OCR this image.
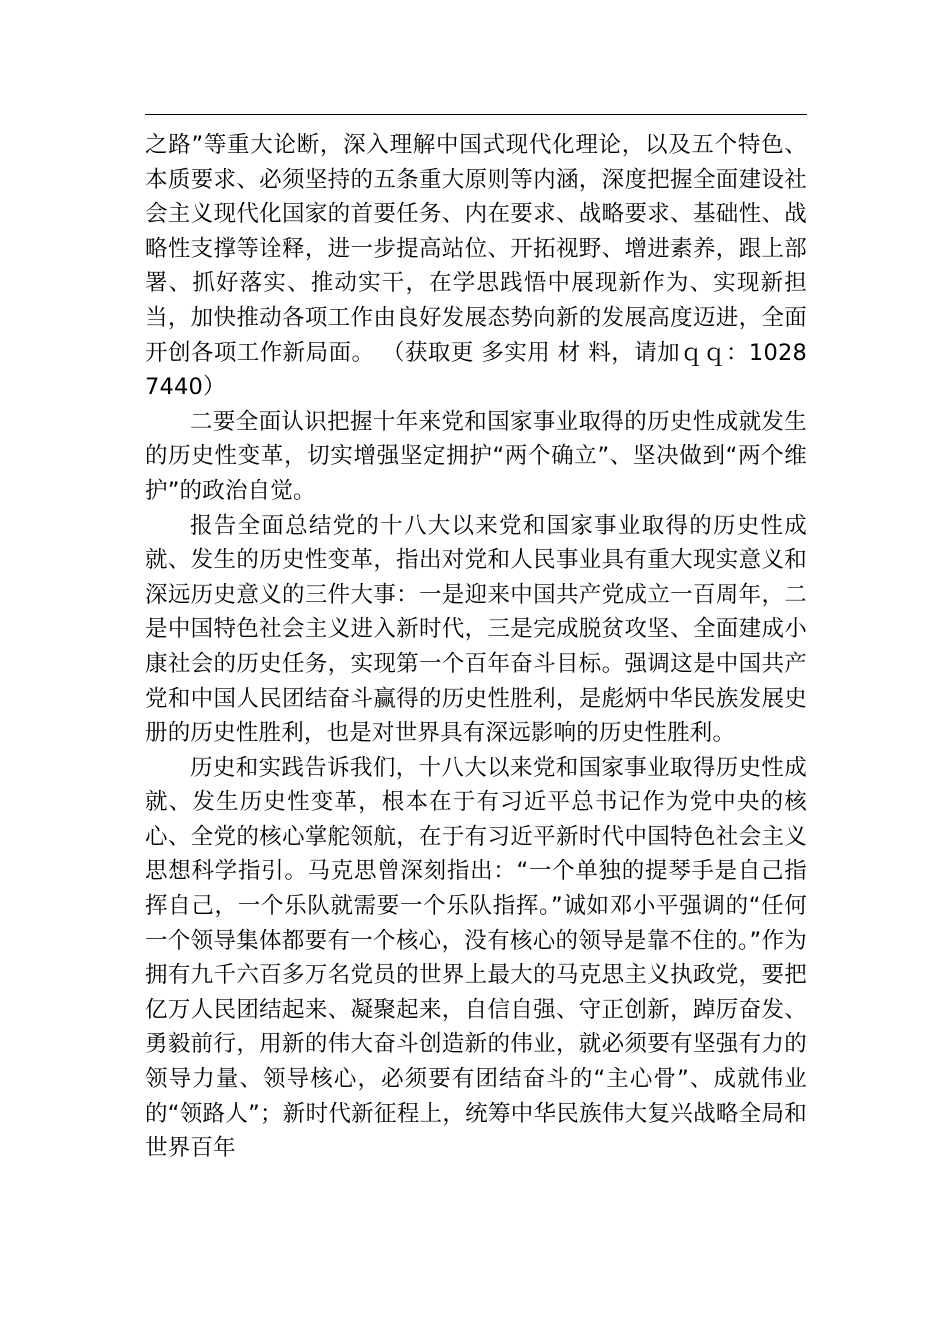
之路”等重大论断，深入理解中国式现代化理论，以及五个特色、本质要求、必须坚持的五条重大原则等内涵，深度把握全面建设社会主义现代化国家的首要任务、内在要求、战略要求、基础性、战略性支撑等诠释，进一步提高站位、开拓视野、增进素养，跟上部署、抓好落实、推动实干，在学思践悟中展现新作为、实现新担当，加快推动各项工作由良好发展态势向新的发展高度迈进，全面开创各项工作新局面。 （获取更 多实用 材 料，请加ｑｑ：1028 7440）

二要全面认识把握十年来党和国家事业取得的历史性成就发生的历史性变革，切实增强坚定拥护“两个确立”、坚决做到“两个维护”的政治自觉。

报告全面总结党的十八大以来党和国家事业取得的历史性成就、发生的历史性变革，指出对党和人民事业具有重大现实意义和深远历史意义的三件大事：一是迎来中国共产党成立一百周年，二是中国特色社会主义进入新时代，三是完成脱贫攻坚、全面建成小康社会的历史任务，实现第一个百年奋斗目标。强调这是中国共产党和中国人民团结奋斗赢得的历史性胜利，是彪炳中华民族发展史册的历史性胜利，也是对世界具有深远影响的历史性胜利。

历史和实践告诉我们，十八大以来党和国家事业取得历史性成就、发生历史性变革，根本在于有习近平总书记作为党中央的核心、全党的核心掌舵领航，在于有习近平新时代中国特色社会主义思想科学指引。马克思曾深刻指出：“一个单独的提琴手是自己指挥自己，一个乐队就需要一个乐队指挥。”诚如邓小平强调的“任何一个领导集体都要有一个核心，没有核心的领导是靠不住的。”作为拥有九千六百多万名党员的世界上最大的马克思主义执政党，要把亿万人民团结起来、凝聚起来，自信自强、守正创新，踔厉奋发、勇毅前行，用新的伟大奋斗创造新的伟业，就必须要有坚强有力的领导力量、领导核心，必须要有团结奋斗的“主心骨”、成就伟业的“领路人”；新时代新征程上，统筹中华民族伟大复兴战略全局和世界百年
